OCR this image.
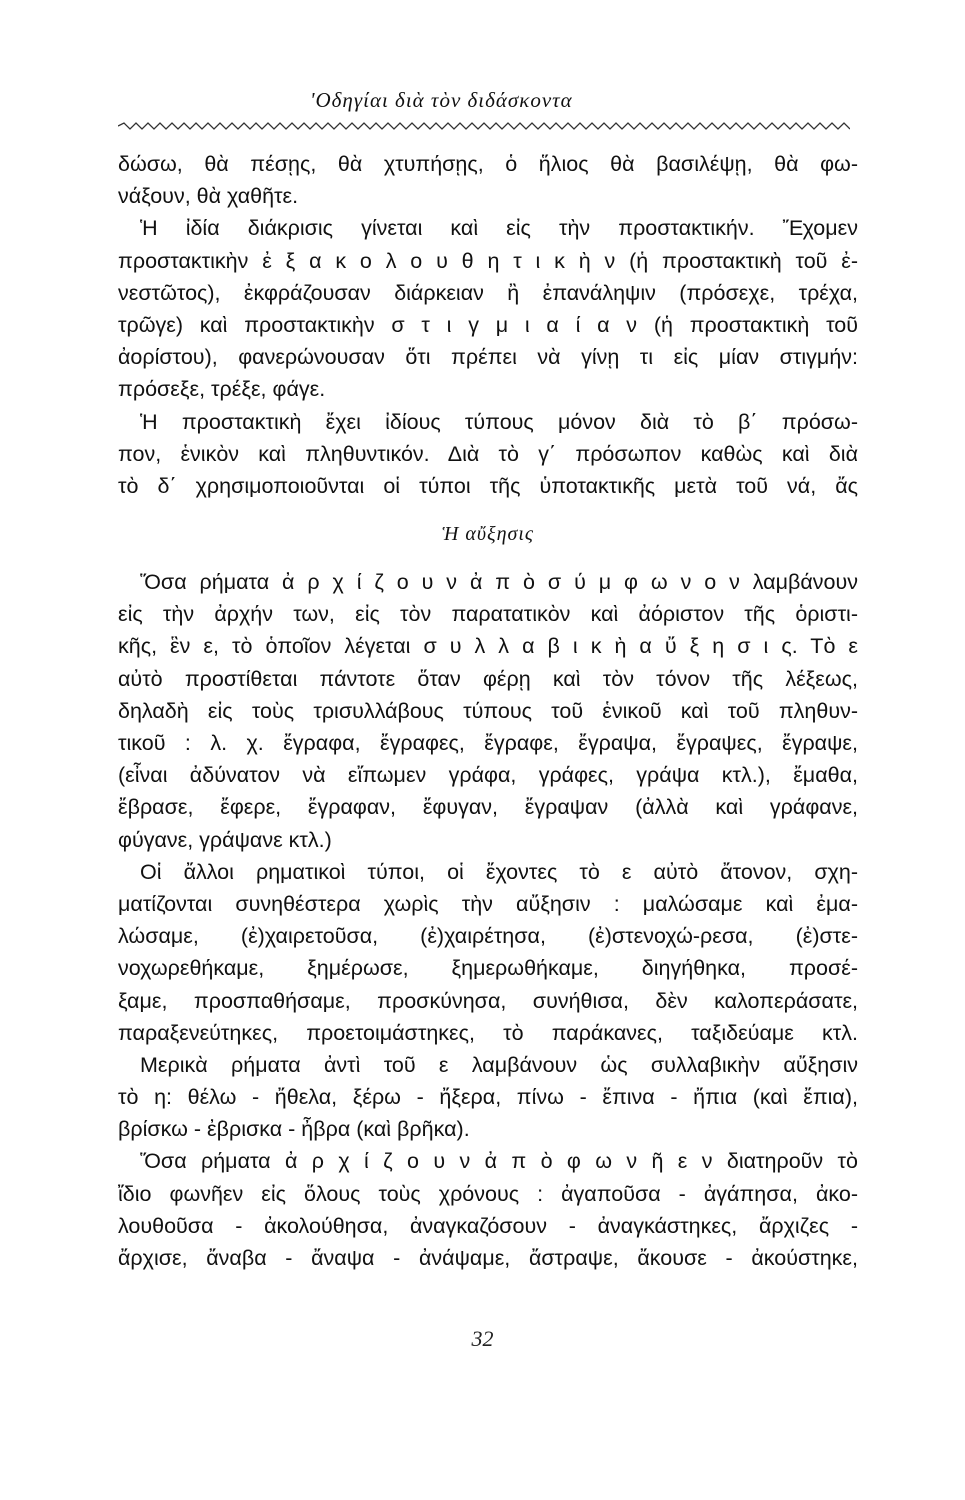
'Οδηγίαι διὰ τὸν διδάσκοντα
δώσω, θὰ πέσῃς, θὰ χτυπήσῃς, ὁ ἥλιος θὰ βασιλέψῃ, θὰ φω-
νάξουν, θὰ χαθῆτε.
Ἡ ἰδία διάκρισις γίνεται καὶ εἰς τὴν προστακτικήν. Ἔχομεν
προστακτικὴν ἐ ξ α κ ο λ ο υ θ η τ ι κ ὴ ν (ἡ προστακτικὴ τοῦ ἐ-
νεστῶτος), ἐκφράζουσαν διάρκειαν ἢ ἐπανάληψιν (πρόσεχε, τρέχα,
τρῶγε) καὶ προστακτικὴν σ τ ι γ μ ι α ί α ν (ἡ προστακτικὴ τοῦ
ἀορίστου), φανερώνουσαν ὅτι πρέπει νὰ γίνῃ τι εἰς μίαν στιγμήν:
πρόσεξε, τρέξε, φάγε.
Ἡ προστακτικὴ ἔχει ἰδίους τύπους μόνον διὰ τὸ β΄ πρόσω-
πον, ἑνικὸν καὶ πληθυντικόν. Διὰ τὸ γ΄ πρόσωπον καθὼς καὶ διὰ
τὸ δ΄ χρησιμοποιοῦνται οἱ τύποι τῆς ὑποτακτικῆς μετὰ τοῦ νά, ἄς
Ἡ αὔξησις
Ὅσα ρήματα ἀ ρ χ ί ζ ο υ ν ἀ π ὸ σ ύ μ φ ω ν ο ν λαμβάνουν
εἰς τὴν ἀρχήν των, εἰς τὸν παρατατικὸν καὶ ἀόριστον τῆς ὁριστι-
κῆς, ἓν ε, τὸ ὁποῖον λέγεται σ υ λ λ α β ι κ ὴ α ὔ ξ η σ ι ς. Τὸ ε
αὐτὸ προστίθεται πάντοτε ὅταν φέρῃ καὶ τὸν τόνον τῆς λέξεως,
δηλαδὴ εἰς τοὺς τρισυλλάβους τύπους τοῦ ἑνικοῦ καὶ τοῦ πληθυν-
τικοῦ : λ. χ. ἔγραφα, ἔγραφες, ἔγραφε, ἔγραψα, ἔγραψες, ἔγραψε,
(εἶναι ἀδύνατον νὰ εἴπωμεν γράφα, γράφες, γράψα κτλ.), ἔμαθα,
ἔβρασε, ἔφερε, ἔγραφαν, ἔφυγαν, ἔγραψαν (ἀλλὰ καὶ γράφανε,
φύγανε, γράψανε κτλ.)
Οἱ ἄλλοι ρηματικοὶ τύποι, οἱ ἔχοντες τὸ ε αὐτὸ ἄτονον, σχη-
ματίζονται συνηθέστερα χωρὶς τὴν αὔξησιν : μαλώσαμε καὶ ἐμα-
λώσαμε, (ἐ)χαιρετοῦσα, (ἐ)χαιρέτησα, (ἐ)στενοχώ-ρεσα, (ἐ)στε-
νοχωρεθήκαμε, ξημέρωσε, ξημερωθήκαμε, διηγήθηκα, προσέ-
ξαμε, προσπαθήσαμε, προσκύνησα, συνήθισα, δὲν καλοπεράσατε,
παραξενεύτηκες, προετοιμάστηκες, τὸ παράκανες, ταξιδεύαμε κτλ.
Μερικὰ ρήματα ἀντὶ τοῦ ε λαμβάνουν ὡς συλλαβικὴν αὔξησιν
τὸ η: θέλω - ἤθελα, ξέρω - ἤξερα, πίνω - ἔπινα - ἤπια (καὶ ἔπια),
βρίσκω - ἐβρισκα - ἦβρα (καὶ βρῆκα).
Ὅσα ρήματα ἀ ρ χ ί ζ ο υ ν ἀ π ὸ φ ω ν ῆ ε ν διατηροῦν τὸ
ἴδιο φωνῆεν εἰς ὅλους τοὺς χρόνους : ἀγαποῦσα - ἀγάπησα, ἀκο-
λουθοῦσα - ἀκολούθησα, ἀναγκαζόσουν - ἀναγκάστηκες, ἄρχιζες -
ἄρχισε, ἄναβα - ἄναψα - ἀνάψαμε, ἄστραψε, ἄκουσε - ἀκούστηκε,
32
